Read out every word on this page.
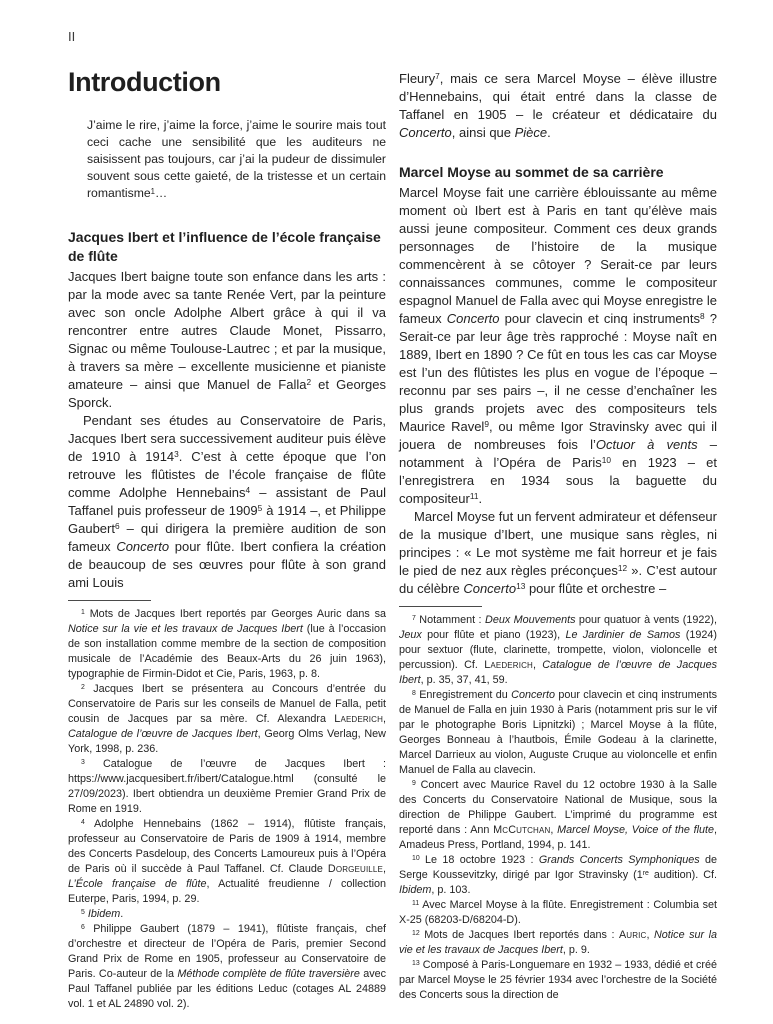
II
Introduction
J’aime le rire, j’aime la force, j’aime le sourire mais tout ceci cache une sensibilité que les auditeurs ne saisissent pas toujours, car j’ai la pudeur de dissimuler souvent sous cette gaieté, de la tristesse et un certain romantisme$^1$…
Jacques Ibert et l’influence de l’école française de flûte

Jacques Ibert baigne toute son enfance dans les arts : par la mode avec sa tante Renée Vert, par la peinture avec son oncle Adolphe Albert grâce à qui il va rencontrer entre autres Claude Monet, Pissarro, Signac ou même Toulouse-Lautrec ; et par la musique, à travers sa mère – excellente musicienne et pianiste amateure – ainsi que Manuel de Falla$^2$ et Georges Sporck.

Pendant ses études au Conservatoire de Paris, Jacques Ibert sera successivement auditeur puis élève de 1910 à 1914$^3$. C’est à cette époque que l’on retrouve les flûtistes de l’école française de flûte comme Adolphe Hennebains$^4$ – assistant de Paul Taffanel puis professeur de 1909$^5$ à 1914 –, et Philippe Gaubert$^6$ – qui dirigera la première audition de son fameux Concerto pour flûte. Ibert confiera la création de beaucoup de ses œuvres pour flûte à son grand ami Louis

$^1$ Mots de Jacques Ibert reportés par Georges Auric dans sa Notice sur la vie et les travaux de Jacques Ibert (lue à l’occasion de son installation comme membre de la section de composition musicale de l’Académie des Beaux-Arts du 26 juin 1963), typographie de Firmin-Didot et Cie, Paris, 1963, p. 8.

$^2$ Jacques Ibert se présentera au Concours d’entrée du Conservatoire de Paris sur les conseils de Manuel de Falla, petit cousin de Jacques par sa mère. Cf. Alexandra Laederich, Catalogue de l’œuvre de Jacques Ibert, Georg Olms Verlag, New York, 1998, p. 236.

$^3$ Catalogue de l’œuvre de Jacques Ibert : https://www.jacquesibert.fr/ibert/Catalogue.html (consulté le 27/09/2023). Ibert obtiendra un deuxième Premier Grand Prix de Rome en 1919.

$^4$ Adolphe Hennebains (1862 – 1914), flûtiste français, professeur au Conservatoire de Paris de 1909 à 1914, membre des Concerts Pasdeloup, des Concerts Lamoureux puis à l’Opéra de Paris où il succède à Paul Taffanel. Cf. Claude Dorgeuille, L’École française de flûte, Actualité freudienne / collection Euterpe, Paris, 1994, p. 29.

$^5$ Ibidem.

$^6$ Philippe Gaubert (1879 – 1941), flûtiste français, chef d’orchestre et directeur de l’Opéra de Paris, premier Second Grand Prix de Rome en 1905, professeur au Conservatoire de Paris. Co-auteur de la Méthode complète de flûte traversière avec Paul Taffanel publiée par les éditions Leduc (cotages AL 24889 vol. 1 et AL 24890 vol. 2).

Fleury$^7$, mais ce sera Marcel Moyse – élève illustre d’Hennebains, qui était entré dans la classe de Taffanel en 1905 – le créateur et dédicataire du Concerto, ainsi que Pièce.

Marcel Moyse au sommet de sa carrière

Marcel Moyse fait une carrière éblouissante au même moment où Ibert est à Paris en tant qu’élève mais aussi jeune compositeur. Comment ces deux grands personnages de l’histoire de la musique commencèrent à se côtoyer ? Serait-ce par leurs connaissances communes, comme le compositeur espagnol Manuel de Falla avec qui Moyse enregistre le fameux Concerto pour clavecin et cinq instruments$^8$ ? Serait-ce par leur âge très rapproché : Moyse naît en 1889, Ibert en 1890 ? Ce fût en tous les cas car Moyse est l’un des flûtistes les plus en vogue de l’époque – reconnu par ses pairs –, il ne cesse d’enchaîner les plus grands projets avec des compositeurs tels Maurice Ravel$^9$, ou même Igor Stravinsky avec qui il jouera de nombreuses fois l’Octuor à vents – notamment à l’Opéra de Paris$^{10}$ en 1923 – et l’enregistrera en 1934 sous la baguette du compositeur$^{11}$.

Marcel Moyse fut un fervent admirateur et défenseur de la musique d’Ibert, une musique sans règles, ni principes : « Le mot système me fait horreur et je fais le pied de nez aux règles préconçues$^{12}$ ». C’est autour du célèbre Concerto$^{13}$ pour flûte et orchestre –

$^7$ Notamment : Deux Mouvements pour quatuor à vents (1922), Jeux pour flûte et piano (1923), Le Jardinier de Samos (1924) pour sextuor (flute, clarinette, trompette, violon, violoncelle et percussion). Cf. Laederich, Catalogue de l’œuvre de Jacques Ibert, p. 35, 37, 41, 59.

$^8$ Enregistrement du Concerto pour clavecin et cinq instruments de Manuel de Falla en juin 1930 à Paris (notamment pris sur le vif par le photographe Boris Lipnitzki) ; Marcel Moyse à la flûte, Georges Bonneau à l’hautbois, Émile Godeau à la clarinette, Marcel Darrieux au violon, Auguste Cruque au violoncelle et enfin Manuel de Falla au clavecin.

$^9$ Concert avec Maurice Ravel du 12 octobre 1930 à la Salle des Concerts du Conservatoire National de Musique, sous la direction de Philippe Gaubert. L’imprimé du programme est reporté dans : Ann McCutchan, Marcel Moyse, Voice of the flute, Amadeus Press, Portland, 1994, p. 141.

$^{10}$ Le 18 octobre 1923 : Grands Concerts Symphoniques de Serge Koussevitzky, dirigé par Igor Stravinsky (1re audition). Cf. Ibidem, p. 103.

$^{11}$ Avec Marcel Moyse à la flûte. Enregistrement : Columbia set X-25 (68203-D/68204-D).

$^{12}$ Mots de Jacques Ibert reportés dans : Auric, Notice sur la vie et les travaux de Jacques Ibert, p. 9.

$^{13}$ Composé à Paris-Longuemare en 1932 – 1933, dédié et créé par Marcel Moyse le 25 février 1934 avec l’orchestre de la Société des Concerts sous la direction de
